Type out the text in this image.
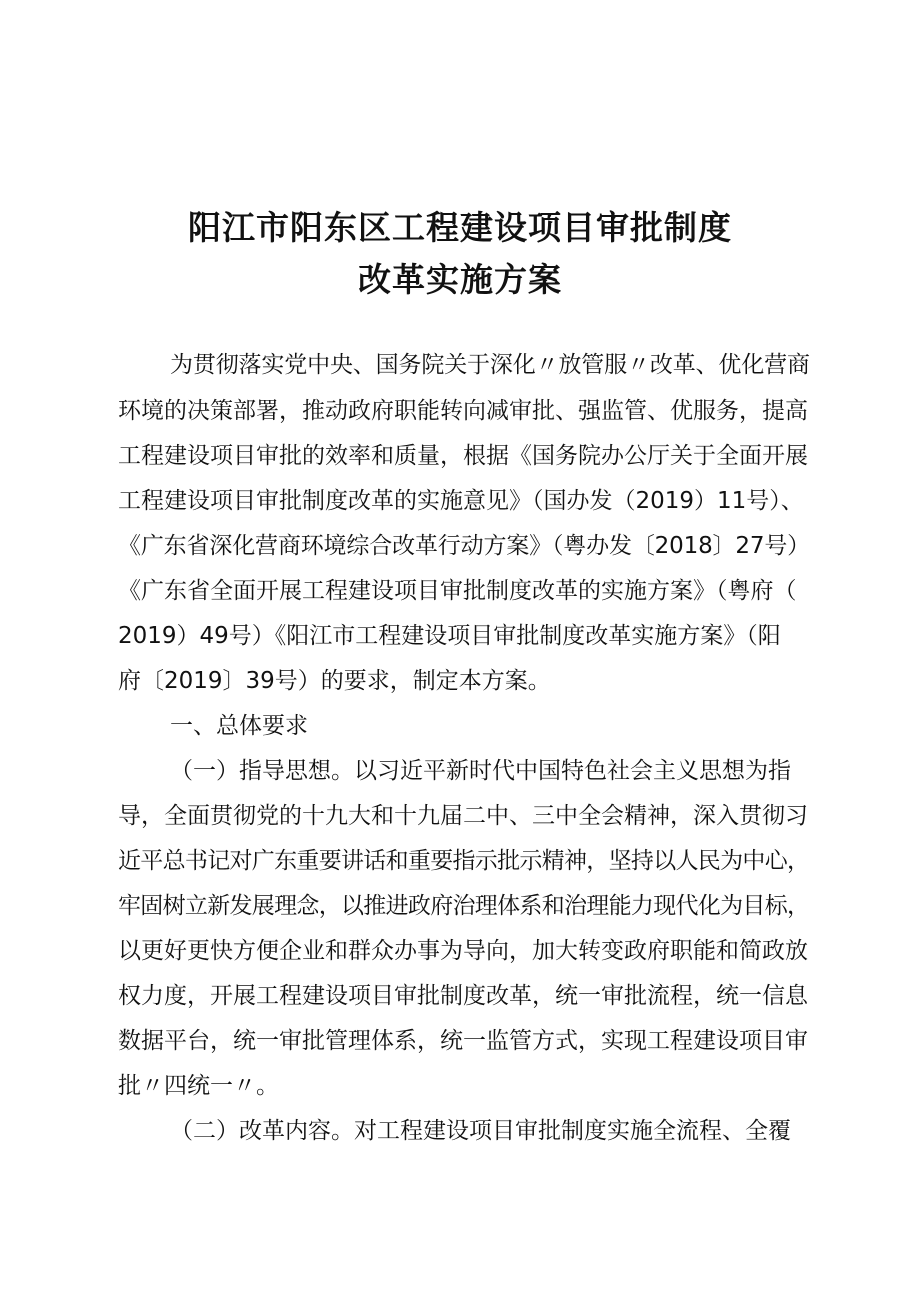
阳江市阳东区工程建设项目审批制度
改革实施方案
为贯彻落实党中央、国务院关于深化〃放管服〃改革、优化营商
环境的决策部署，推动政府职能转向减审批、强监管、优服务，提高
工程建设项目审批的效率和质量，根据《国务院办公厅关于全面开展
工程建设项目审批制度改革的实施意见》（国办发（2019）11号）、
《广东省深化营商环境综合改革行动方案》（粤办发〔2018〕27号）
《广东省全面开展工程建设项目审批制度改革的实施方案》（粤府（
2019）49号）《阳江市工程建设项目审批制度改革实施方案》（阳
府〔2019〕39号）的要求，制定本方案。
一、总体要求
（一）指导思想。以习近平新时代中国特色社会主义思想为指
导，全面贯彻党的十九大和十九届二中、三中全会精神，深入贯彻习
近平总书记对广东重要讲话和重要指示批示精神，坚持以人民为中心，
牢固树立新发展理念，以推进政府治理体系和治理能力现代化为目标，
以更好更快方便企业和群众办事为导向，加大转变政府职能和简政放
权力度，开展工程建设项目审批制度改革，统一审批流程，统一信息
数据平台，统一审批管理体系，统一监管方式，实现工程建设项目审
批〃四统一〃。
（二）改革内容。对工程建设项目审批制度实施全流程、全覆
